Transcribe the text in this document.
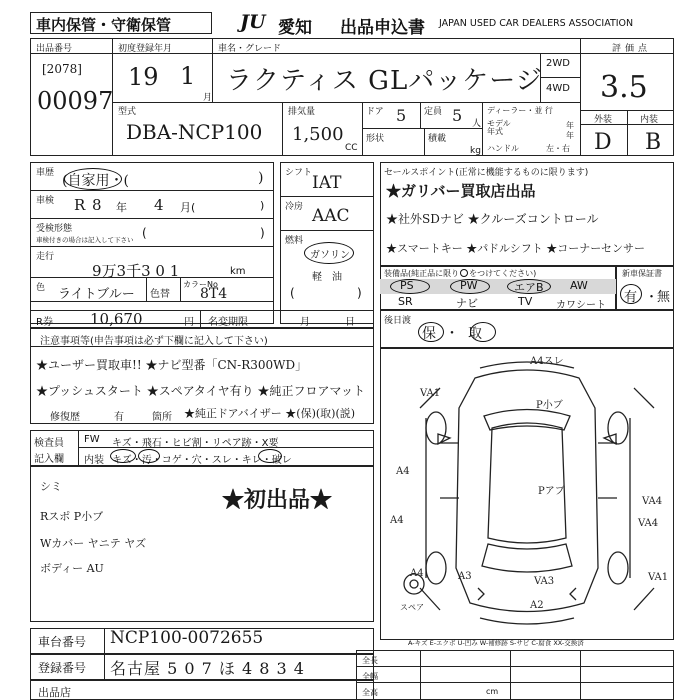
車内保管・守衛保管	JU 愛知 出品申込書 JAPAN USED CAR DEALERS ASSOCIATION
出品番号
[2078]
00097
初度登録年月
19 1
月
車名・グレード
ラクティス GLパッケージ
2WD
4WD
型式
DBA-NCP100
排気量
1,500
CC
ドア 5 定員 5 人
形状	積載
kg
ディーラー・並 行
モデル 年式
年
年
ハンドル	左・右
評価点
3.5
外装	内装
D B
車歴 (自家用・(	)
車検 R 8 年 4 月(	)
受検形態
車検付きの場合は記入して下さい (	)
走行
9万3千3 0 1	km
色 ライトブルー 色替
カラーNo
8T4
シフト IAT
冷房 AAC
燃料
ガソリン
軽　油
(	)
セールスポイント(正常に機能するものに限ります)
★ガリバー買取店出品
★社外SDナビ ★クルーズコントロール
★スマートキー ★パドルシフト ★コーナーセンサー
装備品(純正品に限り をつけてください)
PS	PW	エアB AW
SR	ナビ	TV カワシート
新車保証書
有 ・
無
R券 10,670	円 名変期限	月	日	後日渡
保・取
注意事項等(申告事項は必ず下欄に記入して下さい)
★ユーザー買取車!! ★ナビ型番「CN-R300WD」
★プッシュスタート ★スペアタイヤ有り ★純正フロアマット
修復歴	有	箇所 ★純正ドアバイザー ★(保)(取)(説)
検査員
記入欄
FW キズ・飛石・ヒビ割・リペア跡・X要
内装 キズ・汚・コゲ・穴・スレ・キレ・破レ
シミ
Rスポ P小ブ
Wカバー ヤニテ ヤズ
ボディー AU
★初出品★
A4スレ
P小ブ
VA1
A4
A4
Pアブ
VA4
VA4
A4	A3	VA3	VA1
A2
スペア
A-キズ E-エクボ U-凹み W-補修跡 S-サビ C-腐食 XX-交換済
車台番号 NCP100-0072655
登録番号 名古屋 5 0 7 ほ 4 8 3 4
出品店
全長
全幅
全高	cm
